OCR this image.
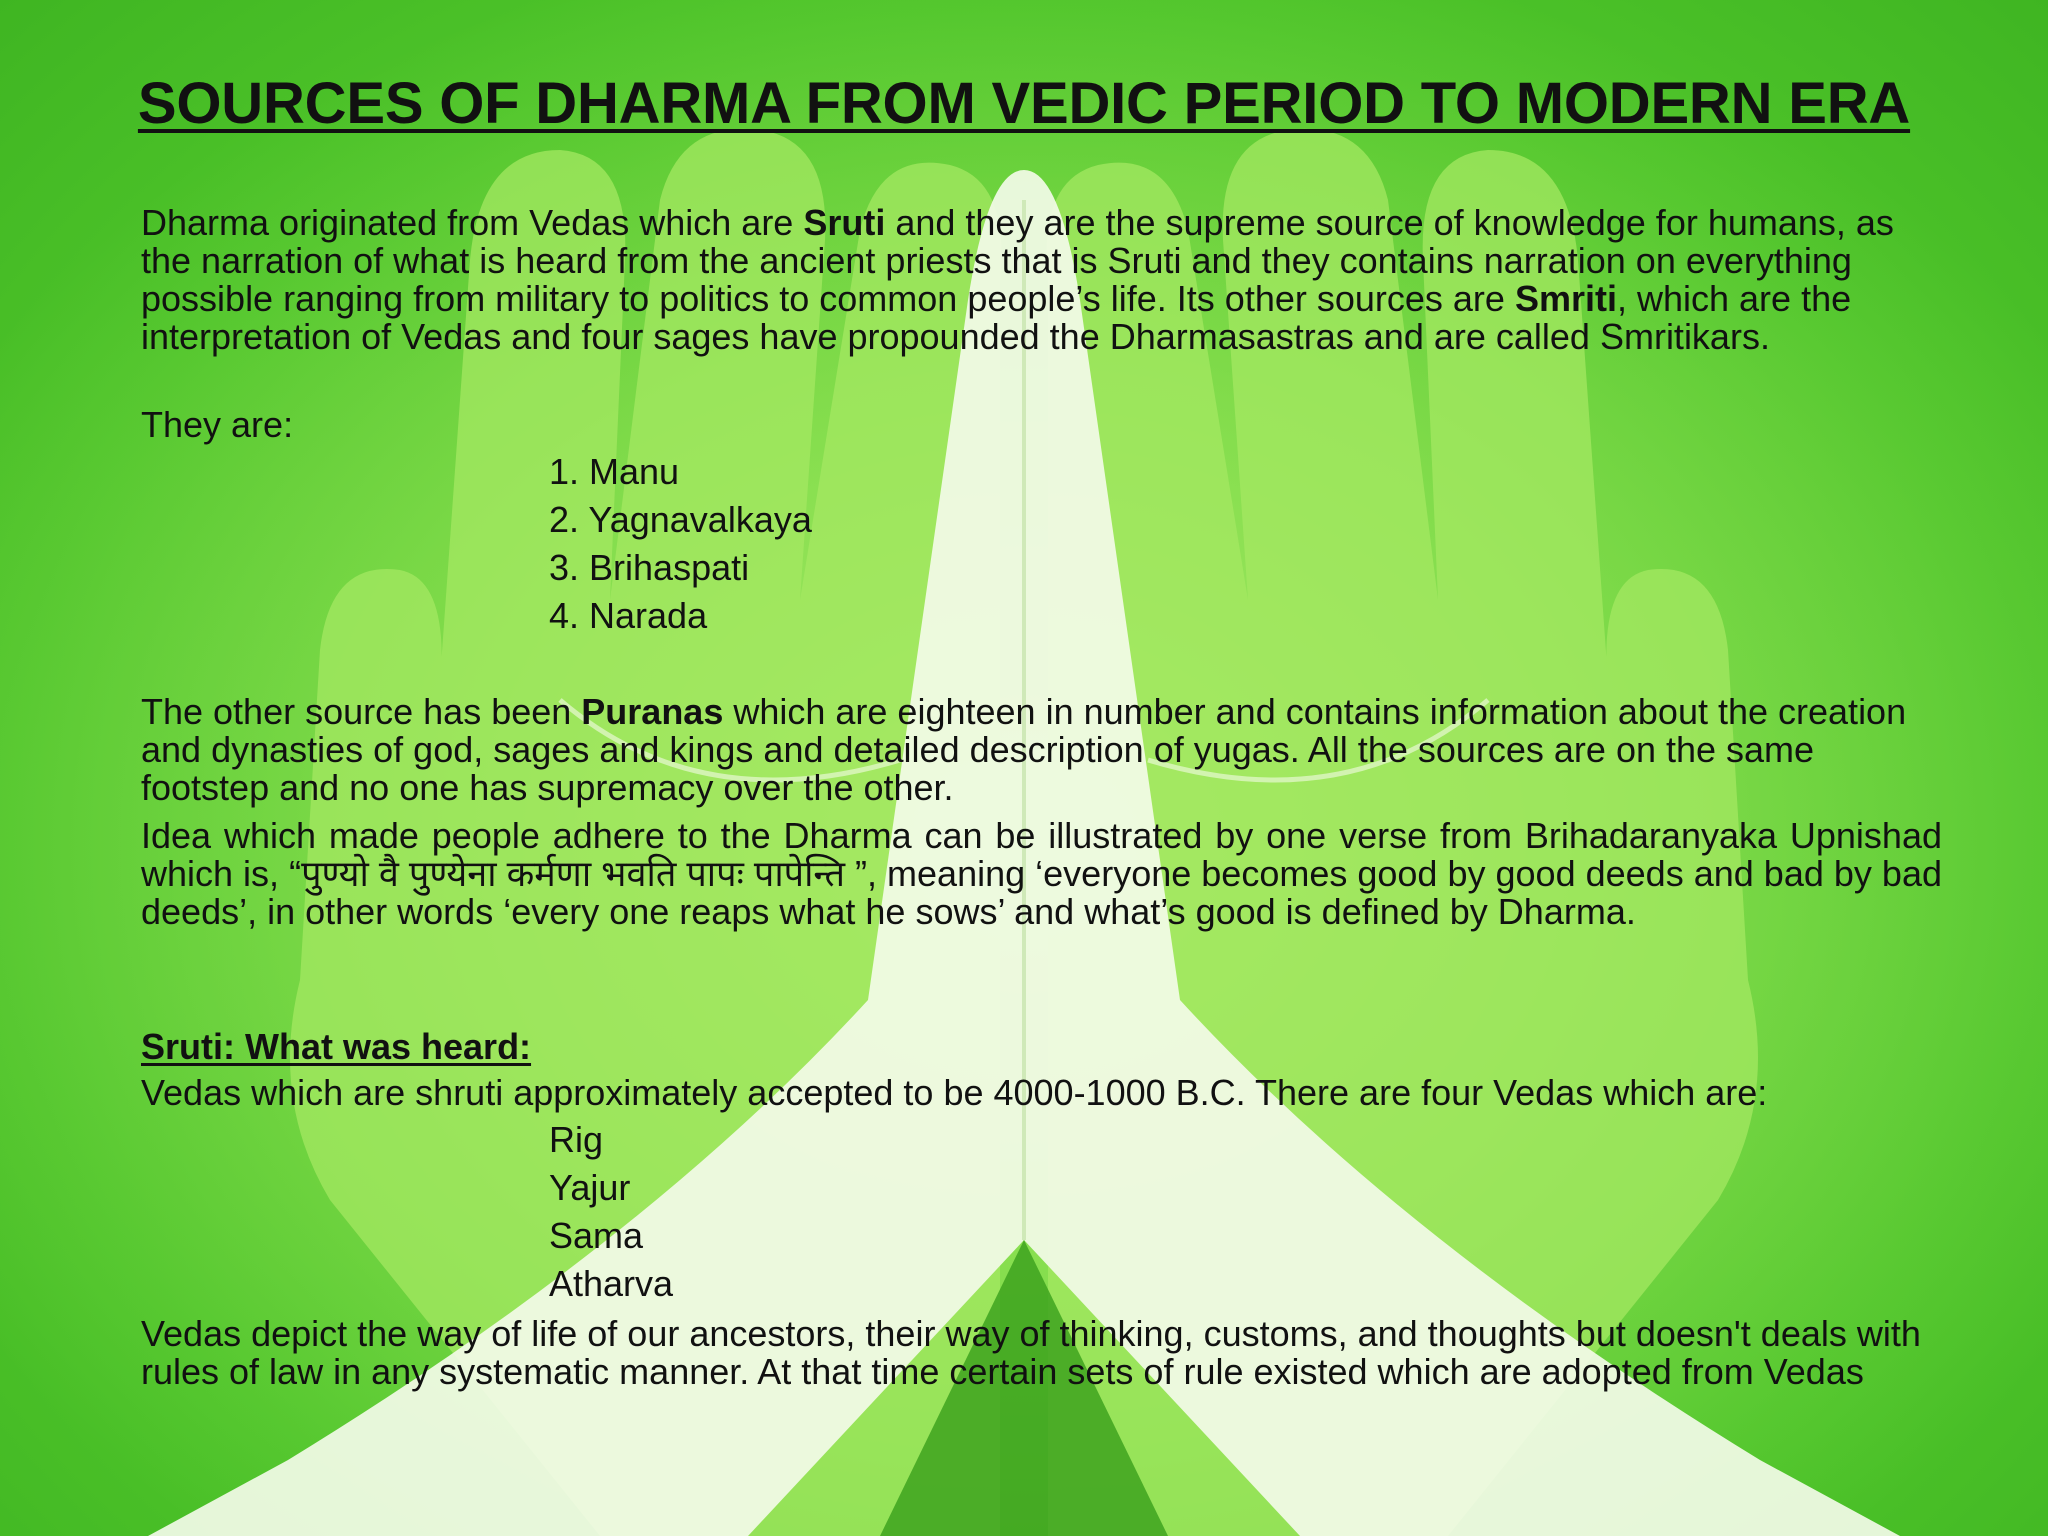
SOURCES OF DHARMA FROM VEDIC PERIOD TO MODERN ERA

Dharma originated from Vedas which are Sruti and they are the supreme source of knowledge for humans, as the narration of what is heard from the ancient priests that is Sruti and they contains narration on everything possible ranging from military to politics to common people’s life. Its other sources are Smriti, which are the interpretation of Vedas and four sages have propounded the Dharmasastras and are called Smritikars.

They are:

1. Manu
2. Yagnavalkaya
3. Brihaspati
4. Narada

The other source has been Puranas which are eighteen in number and contains information about the creation and dynasties of god, sages and kings and detailed description of yugas. All the sources are on the same footstep and no one has supremacy over the other.

Idea which made people adhere to the Dharma can be illustrated by one verse from Brihadaranyaka Upnishad which is, “पुण्यो वै पुण्येना कर्मणा भवति पापः पापेन्ति ”, meaning ‘everyone becomes good by good deeds and bad by bad deeds’, in other words ‘every one reaps what he sows’ and what’s good is defined by Dharma.

Sruti: What was heard:

Vedas which are shruti approximately accepted to be 4000-1000 B.C. There are four Vedas which are:

Rig
Yajur
Sama
Atharva

Vedas depict the way of life of our ancestors, their way of thinking, customs, and thoughts but doesn't deals with rules of law in any systematic manner. At that time certain sets of rule existed which are adopted from Vedas
